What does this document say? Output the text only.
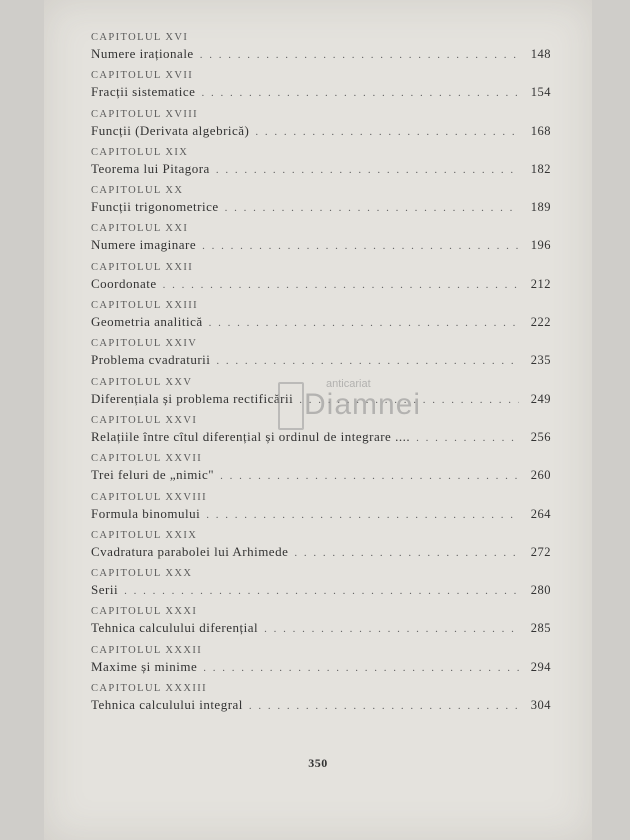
CAPITOLUL XVI
Numere iraționale . . .	148
CAPITOLUL XVII
Fracții sistematice . . .	154
CAPITOLUL XVIII
Funcții (Derivata algebrică) . . .	168
CAPITOLUL XIX
Teorema lui Pitagora . . .	182
CAPITOLUL XX
Funcții trigonometrice . . .	189
CAPITOLUL XXI
Numere imaginare . . .	196
CAPITOLUL XXII
Coordonate . . .	212
CAPITOLUL XXIII
Geometria analitică . . .	222
CAPITOLUL XXIV
Problema cvadraturii . . .	235
CAPITOLUL XXV
Diferențiala și problema rectificării . . .	249
CAPITOLUL XXVI
Relațiile între cîtul diferențial și ordinul de integrare .... . . .	256
CAPITOLUL XXVII
Trei feluri de „nimic" . . .	260
CAPITOLUL XXVIII
Formula binomului . . .	264
CAPITOLUL XXIX
Cvadratura parabolei lui Arhimede . . .	272
CAPITOLUL XXX
Serii . . .	280
CAPITOLUL XXXI
Tehnica calculului diferențial . . .	285
CAPITOLUL XXXII
Maxime și minime . . .	294
CAPITOLUL XXXIII
Tehnica calculului integral . . .	304
350
anticariat
Diamnei
